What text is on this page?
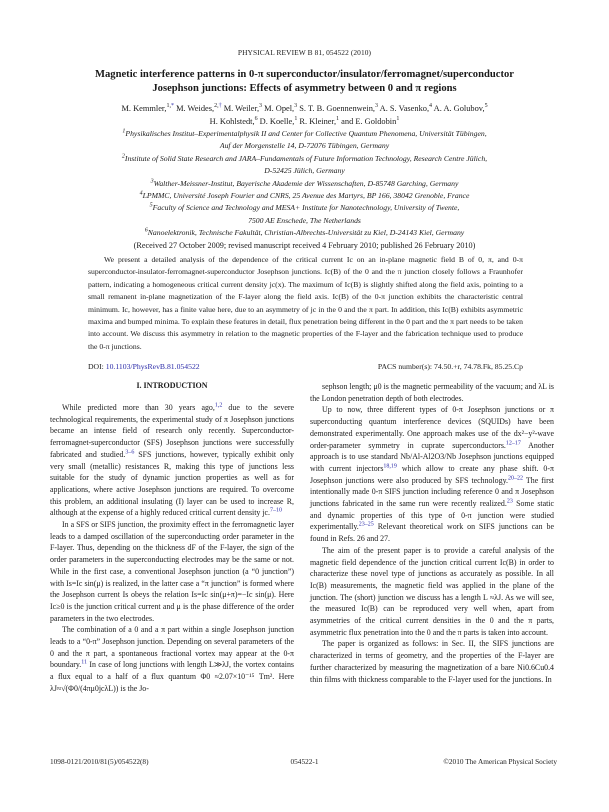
PHYSICAL REVIEW B 81, 054522 (2010)
Magnetic interference patterns in 0-π superconductor/insulator/ferromagnet/superconductor
Josephson junctions: Effects of asymmetry between 0 and π regions
M. Kemmler,$^{1,*}$ M. Weides,$^{2,\dagger}$ M. Weiler,$^3$ M. Opel,$^3$ S. T. B. Goennenwein,$^3$ A. S. Vasenko,$^4$ A. A. Golubov,$^5$
H. Kohlstedt,$^6$ D. Koelle,$^1$ R. Kleiner,$^1$ and E. Goldobin$^1$
$^1$Physikalisches Institut–Experimentalphysik II and Center for Collective Quantum Phenomena, Universität Tübingen,
Auf der Morgenstelle 14, D-72076 Tübingen, Germany
$^2$Institute of Solid State Research and JARA–Fundamentals of Future Information Technology, Research Centre Jülich,
D-52425 Jülich, Germany
$^3$Walther-Meissner-Institut, Bayerische Akademie der Wissenschaften, D-85748 Garching, Germany
$^4$LPMMC, Université Joseph Fourier and CNRS, 25 Avenue des Martyrs, BP 166, 38042 Grenoble, France
$^5$Faculty of Science and Technology and MESA+ Institute for Nanotechnology, University of Twente,
7500 AE Enschede, The Netherlands
$^6$Nanoelektronik, Technische Fakultät, Christian-Albrechts-Universität zu Kiel, D-24143 Kiel, Germany
(Received 27 October 2009; revised manuscript received 4 February 2010; published 26 February 2010)
We present a detailed analysis of the dependence of the critical current Ic on an in-plane magnetic field B of 0, π, and 0-π superconductor-insulator-ferromagnet-superconductor Josephson junctions. Ic(B) of the 0 and the π junction closely follows a Fraunhofer pattern, indicating a homogeneous critical current density jc(x). The maximum of Ic(B) is slightly shifted along the field axis, pointing to a small remanent in-plane magnetization of the F-layer along the field axis. Ic(B) of the 0-π junction exhibits the characteristic central minimum. Ic, however, has a finite value here, due to an asymmetry of jc in the 0 and the π part. In addition, this Ic(B) exhibits asymmetric maxima and bumped minima. To explain these features in detail, flux penetration being different in the 0 part and the π part needs to be taken into account. We discuss this asymmetry in relation to the magnetic properties of the F-layer and the fabrication technique used to produce the 0-π junctions.
DOI: 10.1103/PhysRevB.81.054522	PACS number(s): 74.50.+r, 74.78.Fk, 85.25.Cp
I. INTRODUCTION

While predicted more than 30 years ago,$^{1,2}$ due to the severe technological requirements, the experimental study of π Josephson junctions became an intense field of research only recently. Superconductor-ferromagnet-superconductor (SFS) Josephson junctions were successfully fabricated and studied.$^{3-6}$ SFS junctions, however, typically exhibit only very small (metallic) resistances R, making this type of junctions less suitable for the study of dynamic junction properties as well as for applications, where active Josephson junctions are required. To overcome this problem, an additional insulating (I) layer can be used to increase R, although at the expense of a highly reduced critical current density jc.$^{7-10}$

In a SFS or SIFS junction, the proximity effect in the ferromagnetic layer leads to a damped oscillation of the superconducting order parameter in the F-layer. Thus, depending on the thickness dF of the F-layer, the sign of the order parameters in the superconducting electrodes may be the same or not. While in the first case, a conventional Josephson junction (a “0 junction”) with Is=Ic sin(μ) is realized, in the latter case a “π junction” is formed where the Josephson current Is obeys the relation Is=Ic sin(μ+π)=−Ic sin(μ). Here Ic≥0 is the junction critical current and μ is the phase difference of the order parameters in the two electrodes.

The combination of a 0 and a π part within a single Josephson junction leads to a “0-π” Josephson junction. Depending on several parameters of the 0 and the π part, a spontaneous fractional vortex may appear at the 0-π boundary.$^{11}$ In case of long junctions with length L≫λJ, the vortex contains a flux equal to a half of a flux quantum Φ0 ≈2.07×10⁻¹⁵ Tm². Here λJ≈√(Φ0/(4πμ0jcλL)) is the Jo-

sephson length; μ0 is the magnetic permeability of the vacuum; and λL is the London penetration depth of both electrodes.

Up to now, three different types of 0-π Josephson junctions or π superconducting quantum interference devices (SQUIDs) have been demonstrated experimentally. One approach makes use of the dx²−y²-wave order-parameter symmetry in cuprate superconductors.$^{12-17}$ Another approach is to use standard Nb/Al-Al2O3/Nb Josephson junctions equipped with current injectors$^{18,19}$ which allow to create any phase shift. 0-π Josephson junctions were also produced by SFS technology.$^{20-22}$ The first intentionally made 0-π SIFS junction including reference 0 and π Josephson junctions fabricated in the same run were recently realized.$^{23}$ Some static and dynamic properties of this type of 0-π junction were studied experimentally.$^{23-25}$ Relevant theoretical work on SIFS junctions can be found in Refs. 26 and 27.

The aim of the present paper is to provide a careful analysis of the magnetic field dependence of the junction critical current Ic(B) in order to characterize these novel type of junctions as accurately as possible. In all Ic(B) measurements, the magnetic field was applied in the plane of the junction. The (short) junction we discuss has a length L ≈λJ. As we will see, the measured Ic(B) can be reproduced very well when, apart from asymmetries of the critical current densities in the 0 and the π parts, asymmetric flux penetration into the 0 and the π parts is taken into account.

The paper is organized as follows: in Sec. II, the SIFS junctions are characterized in terms of geometry, and the properties of the F-layer are further characterized by measuring the magnetization of a bare Ni0.6Cu0.4 thin films with thickness comparable to the F-layer used for the junctions. In

1098-0121/2010/81(5)/054522(8)	054522-1	©2010 The American Physical Society
